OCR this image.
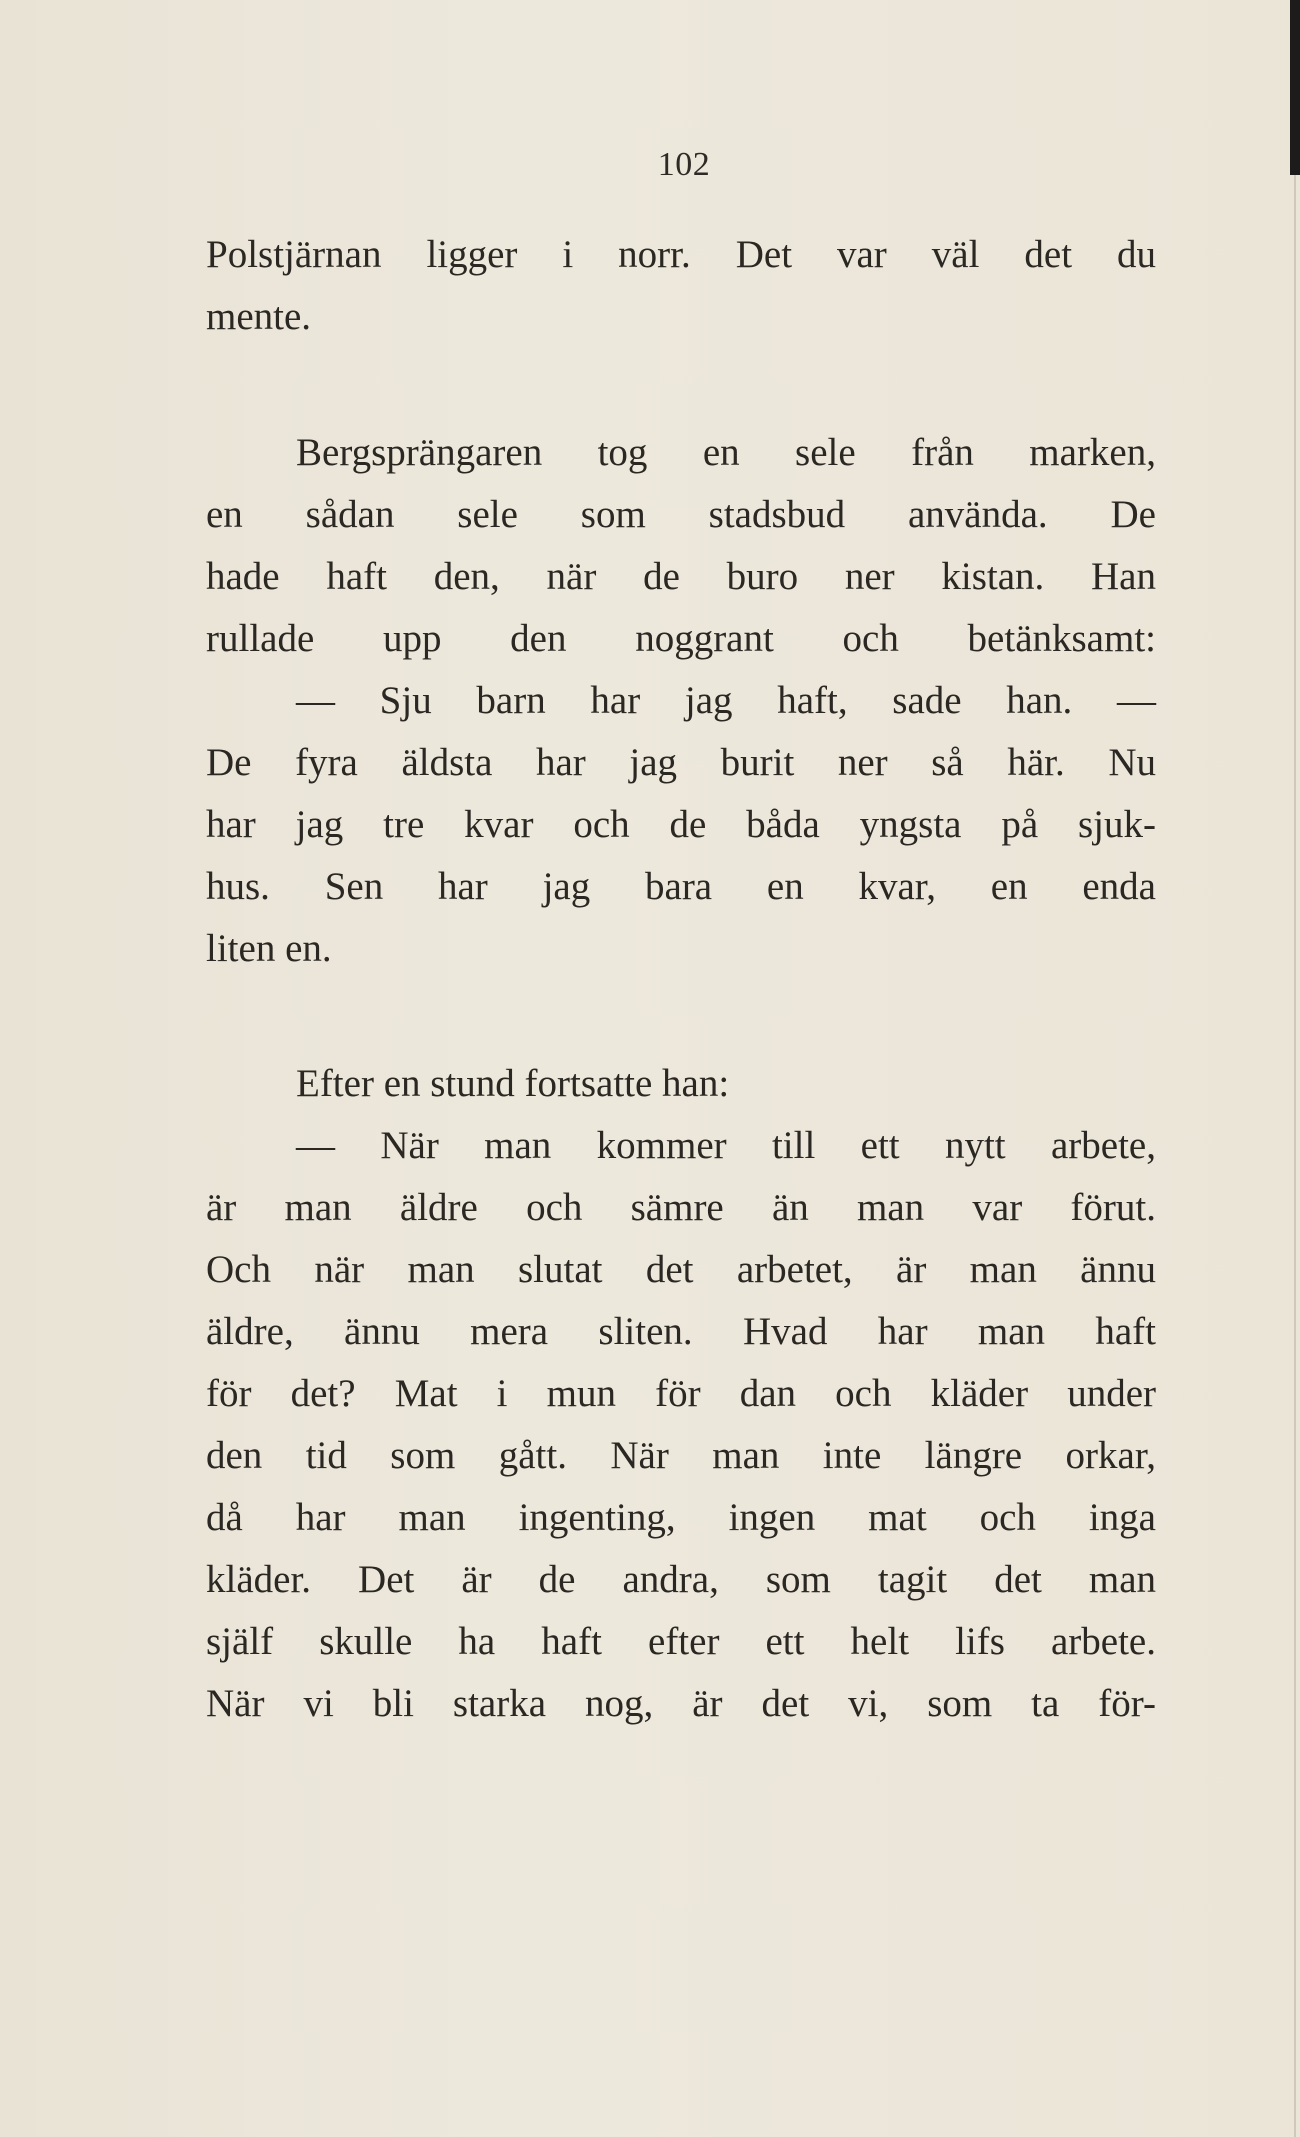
102
Polstjärnan ligger i norr. Det var väl det du
mente.
Bergsprängaren tog en sele från marken,
en sådan sele som stadsbud använda. De
hade haft den, när de buro ner kistan. Han
rullade upp den noggrant och betänksamt:
— Sju barn har jag haft, sade han. —
De fyra äldsta har jag burit ner så här. Nu
har jag tre kvar och de båda yngsta på sjuk-
hus. Sen har jag bara en kvar, en enda
liten en.
Efter en stund fortsatte han:
— När man kommer till ett nytt arbete,
är man äldre och sämre än man var förut.
Och när man slutat det arbetet, är man ännu
äldre, ännu mera sliten. Hvad har man haft
för det? Mat i mun för dan och kläder under
den tid som gått. När man inte längre orkar,
då har man ingenting, ingen mat och inga
kläder. Det är de andra, som tagit det man
själf skulle ha haft efter ett helt lifs arbete.
När vi bli starka nog, är det vi, som ta för-
